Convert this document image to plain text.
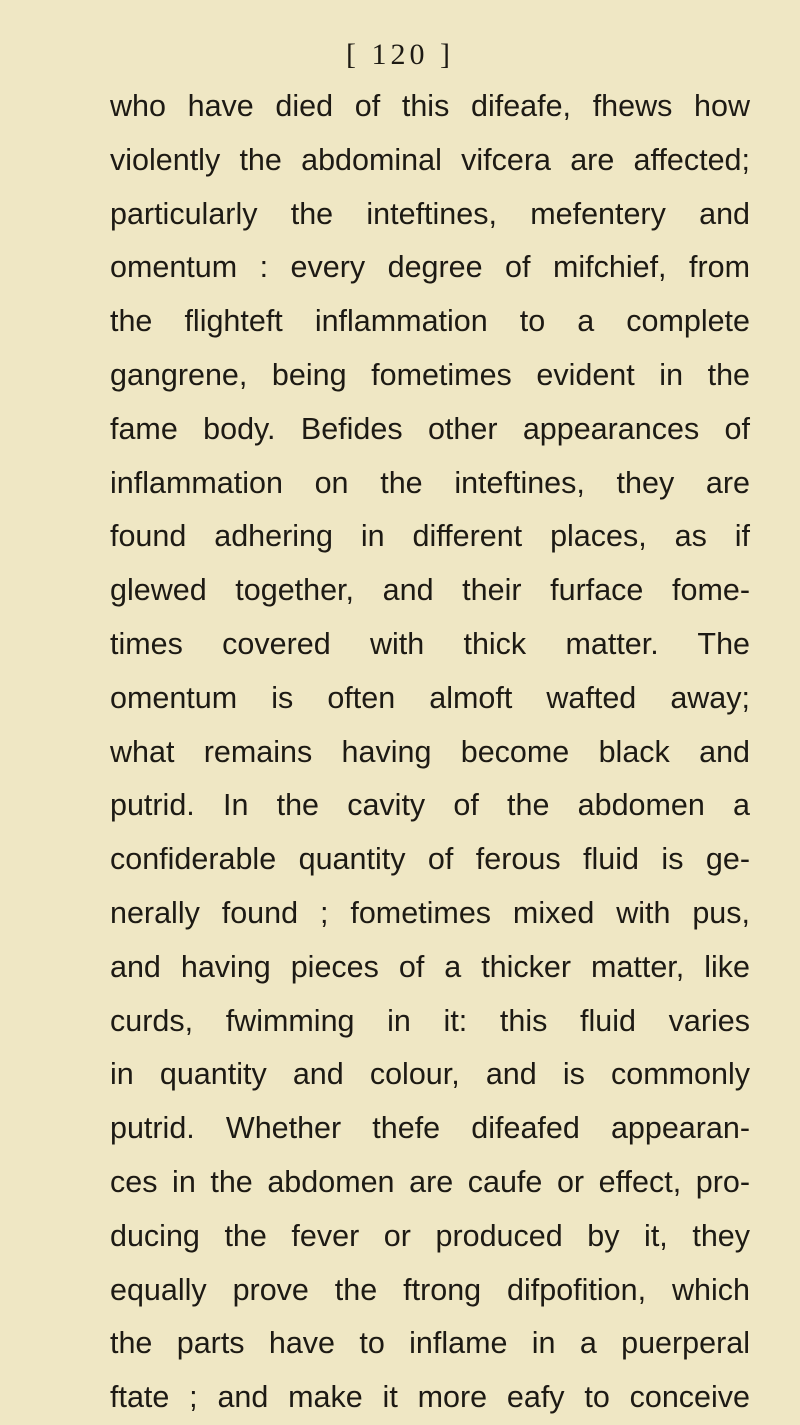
[ 120 ]
who have died of this difeafe, fhews how
violently the abdominal vifcera are affected;
particularly the inteftines, mefentery and
omentum : every degree of mifchief, from
the flighteft inflammation to a complete
gangrene, being fometimes evident in the
fame body. Befides other appearances of
inflammation on the inteftines, they are
found adhering in different places, as if
glewed together, and their furface fome-
times covered with thick matter. The
omentum is often almoft wafted away;
what remains having become black and
putrid. In the cavity of the abdomen a
confiderable quantity of ferous fluid is ge-
nerally found ; fometimes mixed with pus,
and having pieces of a thicker matter, like
curds, fwimming in it: this fluid varies
in quantity and colour, and is commonly
putrid. Whether thefe difeafed appearan-
ces in the abdomen are caufe or effect, pro-
ducing the fever or produced by it, they
equally prove the ftrong difpofition, which
the parts have to inflame in a puerperal
ftate ; and make it more eafy to conceive
